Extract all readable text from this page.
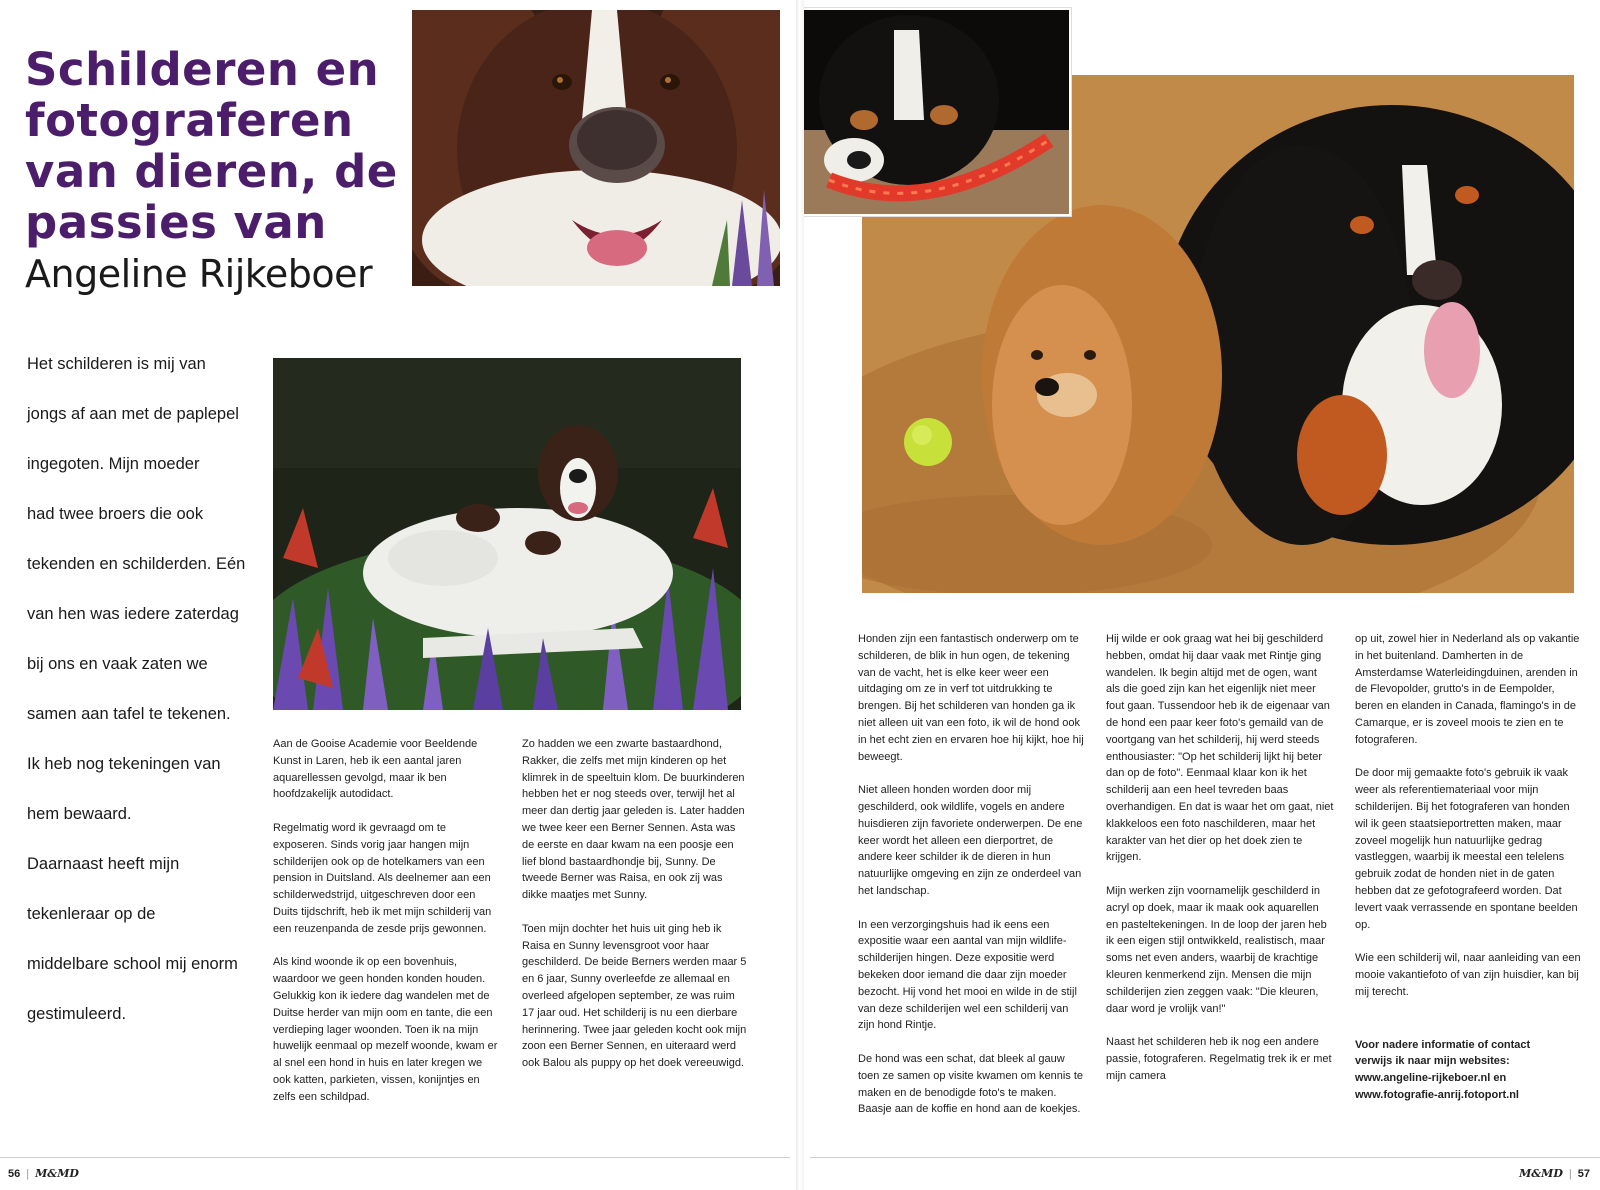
Schilderen en
fotograferen
van dieren, de
passies van
Angeline Rijkeboer
Het schilderen is mij van
jongs af aan met de paplepel
ingegoten. Mijn moeder
had twee broers die ook
tekenden en schilderden. Eén
van hen was iedere zaterdag
bij ons en vaak zaten we
samen aan tafel te tekenen.
Ik heb nog tekeningen van
hem bewaard.
Daarnaast heeft mijn
tekenleraar op de
middelbare school mij enorm
gestimuleerd.

Aan de Gooise Academie voor Beeldende Kunst in Laren, heb ik een aantal jaren aquarellessen gevolgd, maar ik ben hoofdzakelijk autodidact.

Regelmatig word ik gevraagd om te exposeren. Sinds vorig jaar hangen mijn schilderijen ook op de hotelkamers van een pension in Duitsland. Als deelnemer aan een schilderwedstrijd, uitgeschreven door een Duits tijdschrift, heb ik met mijn schilderij van een reuzenpanda de zesde prijs gewonnen.

Als kind woonde ik op een bovenhuis, waardoor we geen honden konden houden. Gelukkig kon ik iedere dag wandelen met de Duitse herder van mijn oom en tante, die een verdieping lager woonden. Toen ik na mijn huwelijk eenmaal op mezelf woonde, kwam er al snel een hond in huis en later kregen we ook katten, parkieten, vissen, konijntjes en zelfs een schildpad.

Zo hadden we een zwarte bastaardhond, Rakker, die zelfs met mijn kinderen op het klimrek in de speeltuin klom. De buurkinderen hebben het er nog steeds over, terwijl het al meer dan dertig jaar geleden is. Later hadden we twee keer een Berner Sennen. Asta was de eerste en daar kwam na een poosje een lief blond bastaardhondje bij, Sunny. De tweede Berner was Raisa, en ook zij was dikke maatjes met Sunny.

Toen mijn dochter het huis uit ging heb ik Raisa en Sunny levensgroot voor haar geschilderd. De beide Berners werden maar 5 en 6 jaar, Sunny overleefde ze allemaal en overleed afgelopen september, ze was ruim 17 jaar oud. Het schilderij is nu een dierbare herinnering. Twee jaar geleden kocht ook mijn zoon een Berner Sennen, en uiteraard werd ook Balou als puppy op het doek vereeuwigd.

56 | M&MD

Honden zijn een fantastisch onderwerp om te schilderen, de blik in hun ogen, de tekening van de vacht, het is elke keer weer een uitdaging om ze in verf tot uitdrukking te brengen. Bij het schilderen van honden ga ik niet alleen uit van een foto, ik wil de hond ook in het echt zien en ervaren hoe hij kijkt, hoe hij beweegt.

Niet alleen honden worden door mij geschilderd, ook wildlife, vogels en andere huisdieren zijn favoriete onderwerpen. De ene keer wordt het alleen een dierportret, de andere keer schilder ik de dieren in hun natuurlijke omgeving en zijn ze onderdeel van het landschap.

In een verzorgingshuis had ik eens een expositie waar een aantal van mijn wildlife-schilderijen hingen. Deze expositie werd bekeken door iemand die daar zijn moeder bezocht. Hij vond het mooi en wilde in de stijl van deze schilderijen wel een schilderij van zijn hond Rintje.

De hond was een schat, dat bleek al gauw toen ze samen op visite kwamen om kennis te maken en de benodigde foto's te maken. Baasje aan de koffie en hond aan de koekjes.

Hij wilde er ook graag wat hei bij geschilderd hebben, omdat hij daar vaak met Rintje ging wandelen. Ik begin altijd met de ogen, want als die goed zijn kan het eigenlijk niet meer fout gaan. Tussendoor heb ik de eigenaar van de hond een paar keer foto's gemaild van de voortgang van het schilderij, hij werd steeds enthousiaster: "Op het schilderij lijkt hij beter dan op de foto". Eenmaal klaar kon ik het schilderij aan een heel tevreden baas overhandigen. En dat is waar het om gaat, niet klakkeloos een foto naschilderen, maar het karakter van het dier op het doek zien te krijgen.

Mijn werken zijn voornamelijk geschilderd in acryl op doek, maar ik maak ook aquarellen en pasteltekeningen. In de loop der jaren heb ik een eigen stijl ontwikkeld, realistisch, maar soms net even anders, waarbij de krachtige kleuren kenmerkend zijn. Mensen die mijn schilderijen zien zeggen vaak: "Die kleuren, daar word je vrolijk van!"

Naast het schilderen heb ik nog een andere passie, fotograferen. Regelmatig trek ik er met mijn camera

op uit, zowel hier in Nederland als op vakantie in het buitenland. Damherten in de Amsterdamse Waterleidingduinen, arenden in de Flevopolder, grutto's in de Eempolder, beren en elanden in Canada, flamingo's in de Camarque, er is zoveel moois te zien en te fotograferen.

De door mij gemaakte foto's gebruik ik vaak weer als referentiemateriaal voor mijn schilderijen. Bij het fotograferen van honden wil ik geen staatsieportretten maken, maar zoveel mogelijk hun natuurlijke gedrag vastleggen, waarbij ik meestal een telelens gebruik zodat de honden niet in de gaten hebben dat ze gefotografeerd worden. Dat levert vaak verrassende en spontane beelden op.

Wie een schilderij wil, naar aanleiding van een mooie vakantiefoto of van zijn huisdier, kan bij mij terecht.

Voor nadere informatie of contact
verwijs ik naar mijn websites:
www.angeline-rijkeboer.nl en
www.fotografie-anrij.fotoport.nl
M&MD | 57
